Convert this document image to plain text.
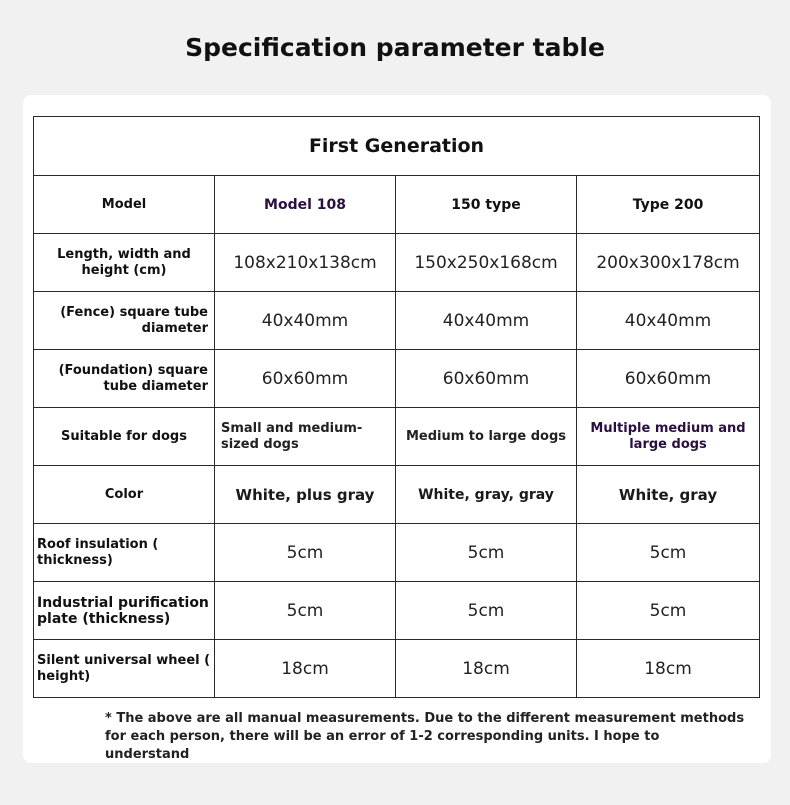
Specification parameter table
First Generation			
Model	Model 108	150 type	Type 200
Length, width and height (cm)	108x210x138cm	150x250x168cm	200x300x178cm
(Fence) square tube diameter	40x40mm	40x40mm	40x40mm
(Foundation) square tube diameter	60x60mm	60x60mm	60x60mm
Suitable for dogs	Small and medium-sized dogs	Medium to large dogs	Multiple medium and large dogs
Color	White, plus gray	White, gray, gray	White, gray
Roof insulation ( thickness)	5cm	5cm	5cm
Industrial purification plate (thickness)	5cm	5cm	5cm
Silent universal wheel ( height)	18cm	18cm	18cm
* The above are all manual measurements. Due to the different measurement methods for each person, there will be an error of 1-2 corresponding units. I hope to understand
